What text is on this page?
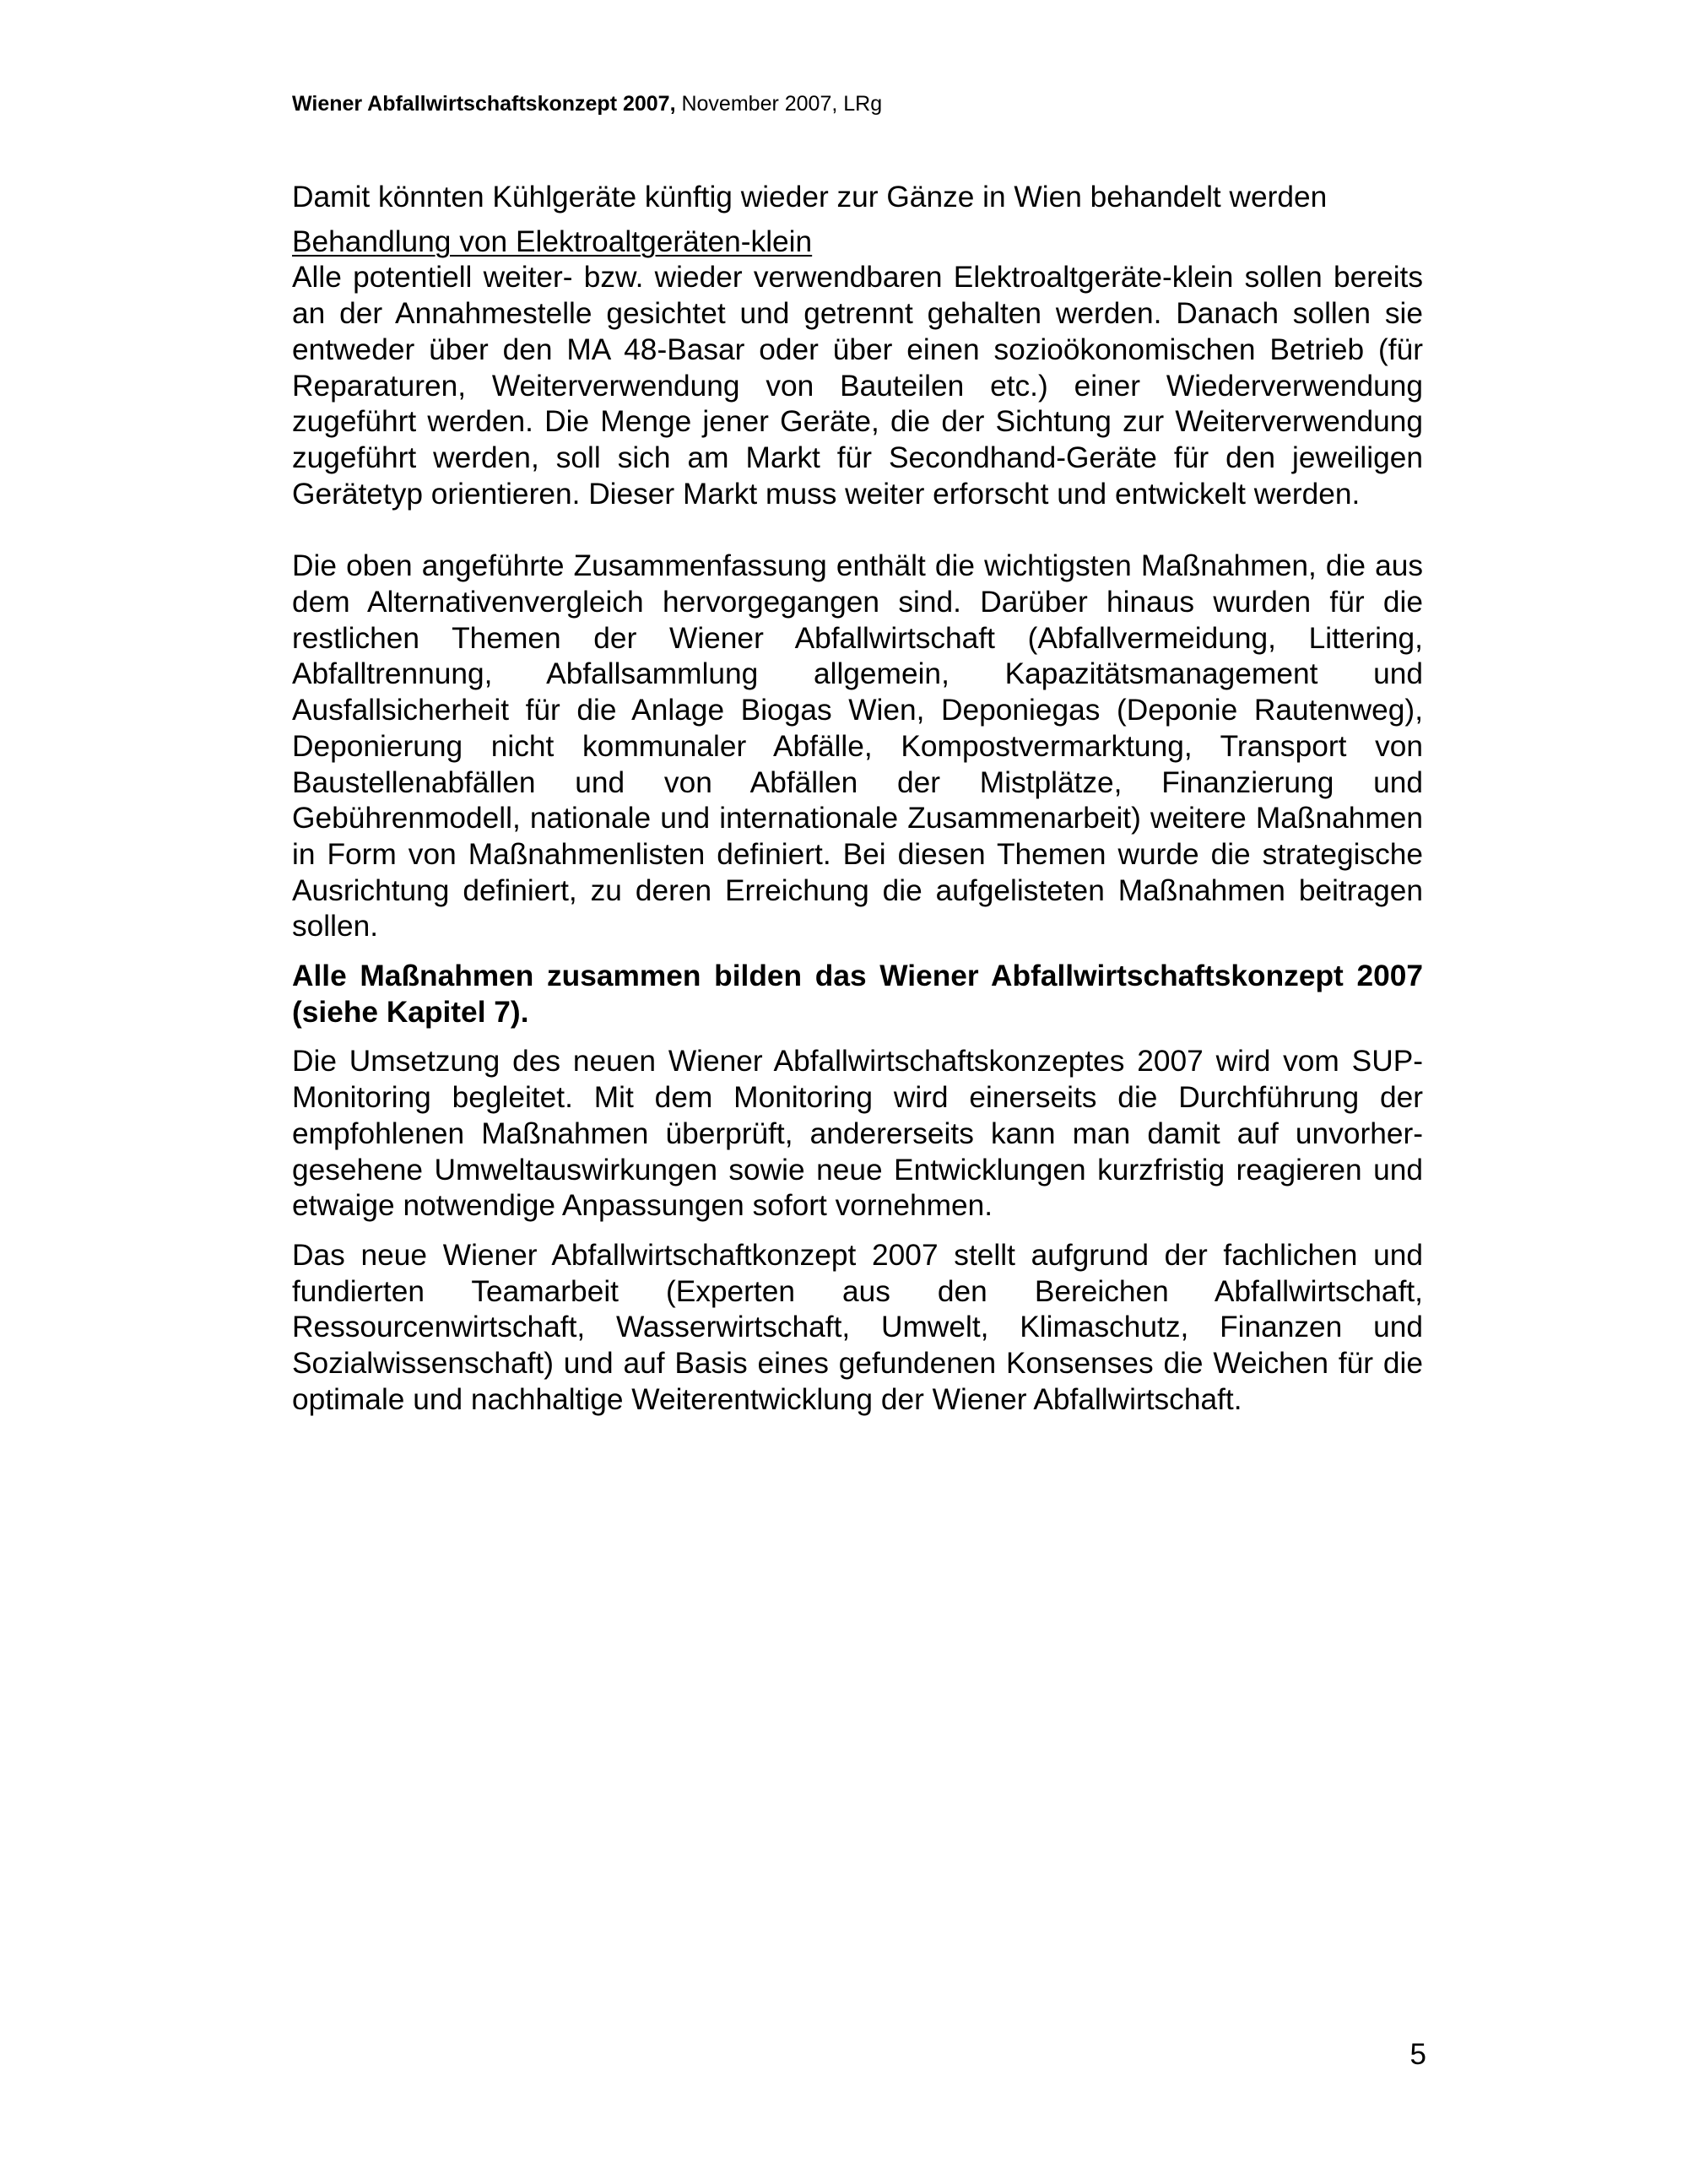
Wiener Abfallwirtschaftskonzept 2007, November 2007, LRg

Damit könnten Kühlgeräte künftig wieder zur Gänze in Wien behandelt werden

Behandlung von Elektroaltgeräten-klein

Alle potentiell weiter- bzw. wieder verwendbaren Elektroaltgeräte-klein sollen bereits an der Annahmestelle gesichtet und getrennt gehalten werden. Danach sollen sie entweder über den MA 48-Basar oder über einen sozioökonomischen Betrieb (für Reparaturen, Weiterverwendung von Bauteilen etc.) einer Wiederverwendung zugeführt werden. Die Menge jener Geräte, die der Sichtung zur Weiterverwendung zugeführt werden, soll sich am Markt für Secondhand-Geräte für den jeweiligen Gerätetyp orientieren. Dieser Markt muss weiter erforscht und entwickelt werden.

Die oben angeführte Zusammenfassung enthält die wichtigsten Maßnahmen, die aus dem Alternativenvergleich hervorgegangen sind. Darüber hinaus wurden für die restlichen Themen der Wiener Abfallwirtschaft (Abfallvermeidung, Littering, Abfalltrennung, Abfallsammlung allgemein, Kapazitätsmanagement und Ausfallsicherheit für die Anlage Biogas Wien, Deponiegas (Deponie Rautenweg), Deponierung nicht kommunaler Abfälle, Kompostvermarktung, Transport von Baustellenabfällen und von Abfällen der Mistplätze, Finanzierung und Gebührenmodell, nationale und internationale Zusammenarbeit) weitere Maßnahmen in Form von Maßnahmenlisten definiert. Bei diesen Themen wurde die strategische Ausrichtung definiert, zu deren Erreichung die aufgelisteten Maßnahmen beitragen sollen.

Alle Maßnahmen zusammen bilden das Wiener Abfallwirtschaftskonzept 2007 (siehe Kapitel 7).

Die Umsetzung des neuen Wiener Abfallwirtschaftskonzeptes 2007 wird vom SUP-Monitoring begleitet. Mit dem Monitoring wird einerseits die Durchführung der empfohlenen Maßnahmen überprüft, andererseits kann man damit auf unvorhergesehene Umweltauswirkungen sowie neue Entwicklungen kurzfristig reagieren und etwaige notwendige Anpassungen sofort vornehmen.

Das neue Wiener Abfallwirtschaftkonzept 2007 stellt aufgrund der fachlichen und fundierten Teamarbeit (Experten aus den Bereichen Abfallwirtschaft, Ressourcenwirtschaft, Wasserwirtschaft, Umwelt, Klimaschutz, Finanzen und Sozialwissenschaft) und auf Basis eines gefundenen Konsenses die Weichen für die optimale und nachhaltige Weiterentwicklung der Wiener Abfallwirtschaft.

5
